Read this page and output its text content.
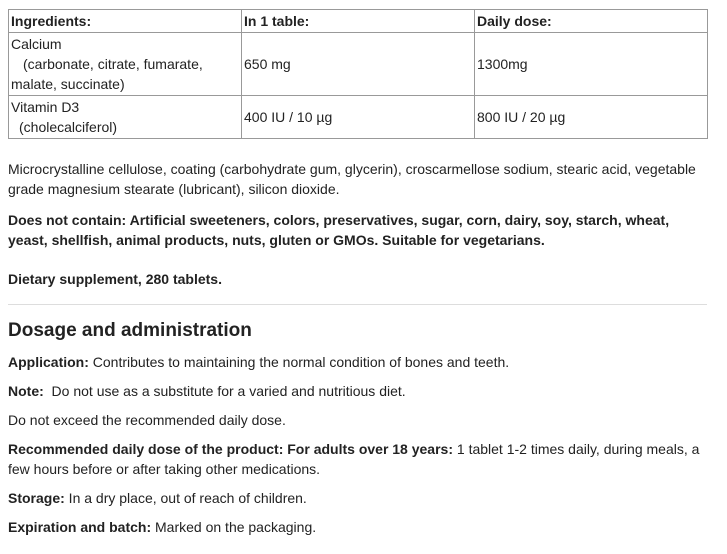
Ingredients:	In 1 table:	Daily dose:

Calcium
(carbonate, citrate, fumarate,
malate, succinate)	650 mg	1300mg

Vitamin D3
(cholecalciferol)	400 IU / 10 µg	800 IU / 20 µg

Microcrystalline cellulose, coating (carbohydrate gum, glycerin), croscarmellose sodium, stearic acid, vegetable grade magnesium stearate (lubricant), silicon dioxide.

Does not contain: Artificial sweeteners, colors, preservatives, sugar, corn, dairy, soy, starch, wheat, yeast, shellfish, animal products, nuts, gluten or GMOs. Suitable for vegetarians.

Dietary supplement, 280 tablets.

Dosage and administration

Application: Contributes to maintaining the normal condition of bones and teeth.

Note:  Do not use as a substitute for a varied and nutritious diet.

Do not exceed the recommended daily dose.

Recommended daily dose of the product: For adults over 18 years: 1 tablet 1-2 times daily, during meals, a few hours before or after taking other medications.

Storage: In a dry place, out of reach of children.

Expiration and batch: Marked on the packaging.
